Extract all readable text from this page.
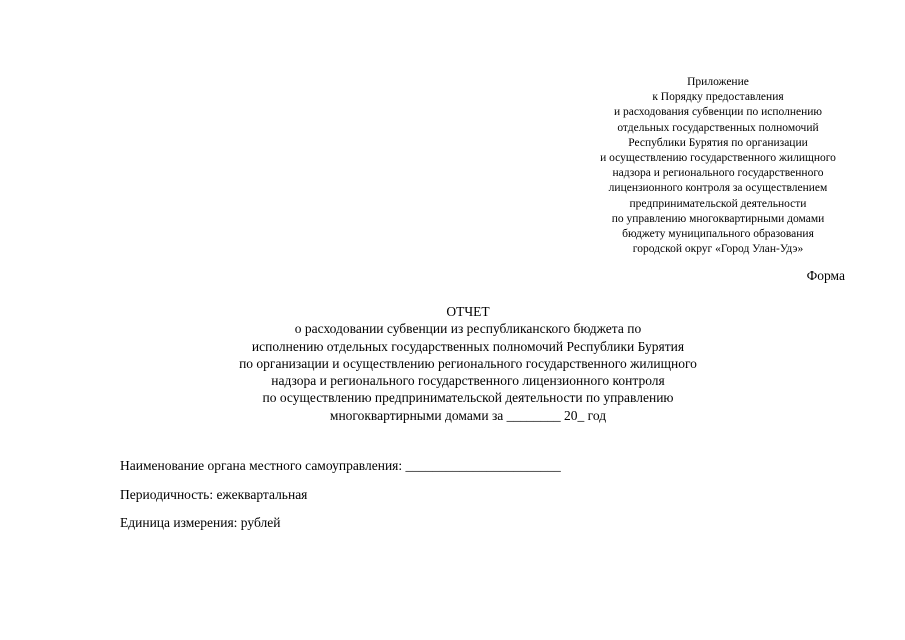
Приложение
к Порядку предоставления
и расходования субвенции по исполнению
отдельных государственных полномочий
Республики Бурятия по организации
и осуществлению государственного жилищного
надзора и регионального государственного
лицензионного контроля за осуществлением
предпринимательской деятельности
по управлению многоквартирными домами
бюджету муниципального образования
городской округ «Город Улан-Удэ»
Форма
ОТЧЕТ
о расходовании субвенции из республиканского бюджета по
исполнению отдельных государственных полномочий Республики Бурятия
по организации и осуществлению регионального государственного жилищного
надзора и регионального государственного лицензионного контроля
по осуществлению предпринимательской деятельности по управлению
многоквартирными домами за ________ 20_ год
Наименование органа местного самоуправления: _______________________
Периодичность: ежеквартальная
Единица измерения: рублей
